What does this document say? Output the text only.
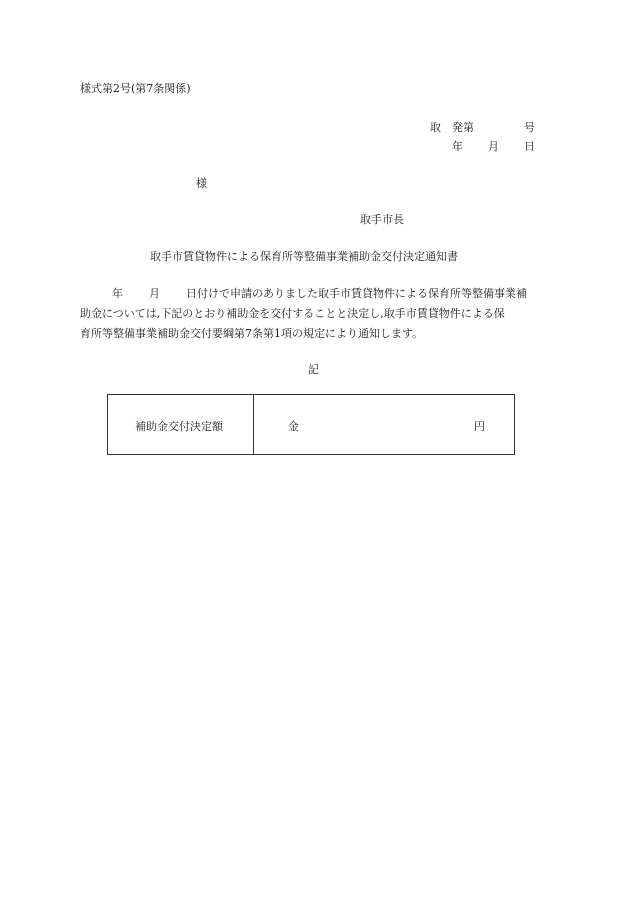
様式第2号(第7条関係)
取 発第	号
年 月 日
様
取手市長
取手市賃貸物件による保育所等整備事業補助金交付決定通知書
年 月 日付けで申請のありました取手市賃貸物件による保育所等整備事業補
助金については,下記のとおり補助金を交付することと決定し,取手市賃貸物件による保
育所等整備事業補助金交付要綱第7条第1項の規定により通知します。
記
補助金交付決定額	金	円
